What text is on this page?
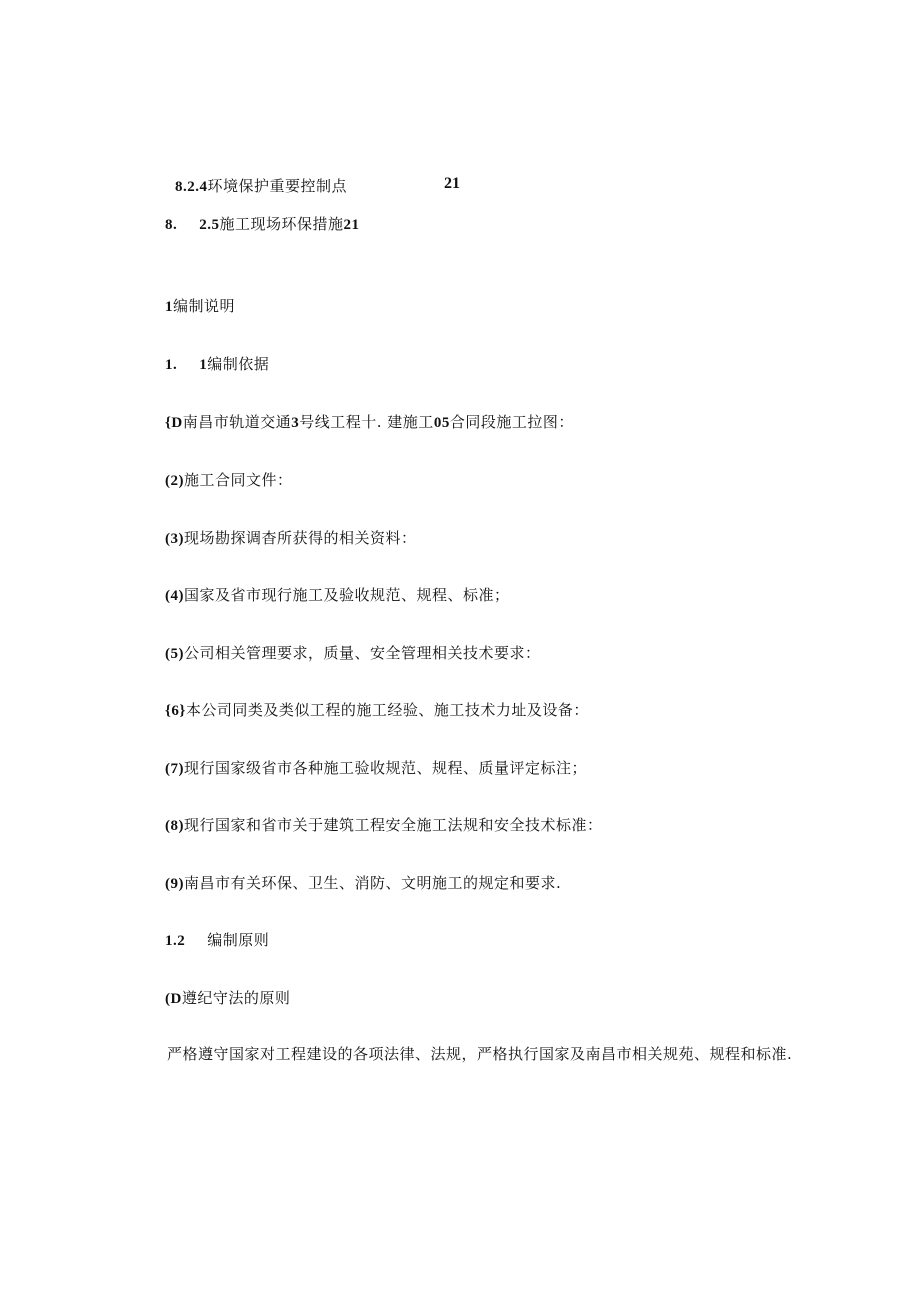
8.2.4环境保护重要控制点	21
8. 2.5施工现场环保措施21
1编制说明
1. 1编制依据
{D南昌市轨道交通3号线工程十. 建施工05合同段施工拉图：
(2)施工合同文件：
(3)现场勘探调杳所获得的相关资料：
(4)国家及省市现行施工及验收规范、规程、标准；
(5)公司相关管理要求，质量、安全管理相关技术要求：
{6}本公司同类及类似工程的施工经验、施工技术力址及设备：
(7)现行国家级省市各种施工验收规范、规程、质量评定标注；
(8)现行国家和省市关于建筑工程安全施工法规和安全技术标准：
(9)南昌市有关环保、卫生、消防、文明施工的规定和要求.
1.2 编制原则
(D遵纪守法的原则
严格遵守国家对工程建设的各项法律、法规，严格执行国家及南昌市相关规苑、规程和标准.
